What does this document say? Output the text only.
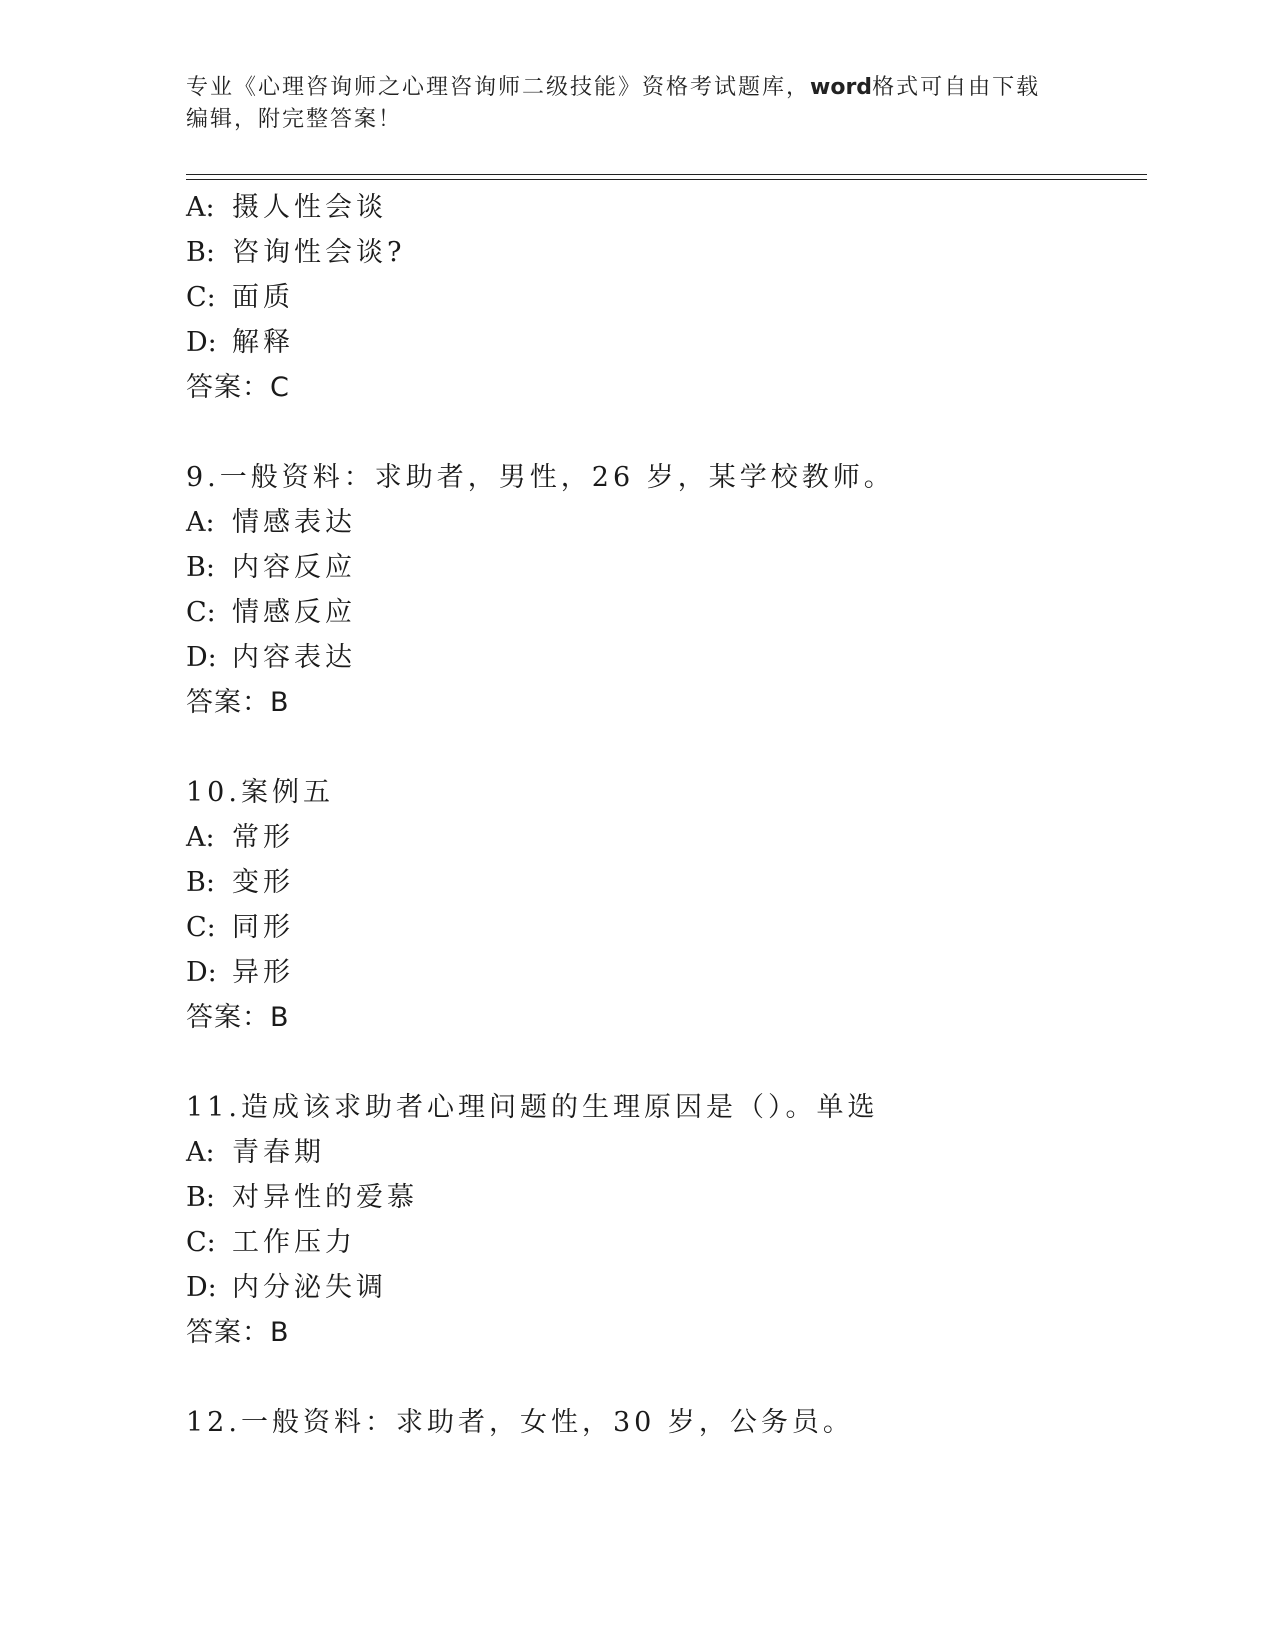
专业《心理咨询师之心理咨询师二级技能》资格考试题库，word格式可自由下载
编辑，附完整答案！
A: 摄人性会谈
B: 咨询性会谈?
C: 面质
D: 解释
答案：C
9.一般资料：求助者，男性，26 岁，某学校教师。
A: 情感表达
B: 内容反应
C: 情感反应
D: 内容表达
答案：B
10.案例五
A: 常形
B: 变形
C: 同形
D: 异形
答案：B
11.造成该求助者心理问题的生理原因是（）。单选
A: 青春期
B: 对异性的爱慕
C: 工作压力
D: 内分泌失调
答案：B
12.一般资料：求助者，女性，30 岁，公务员。
